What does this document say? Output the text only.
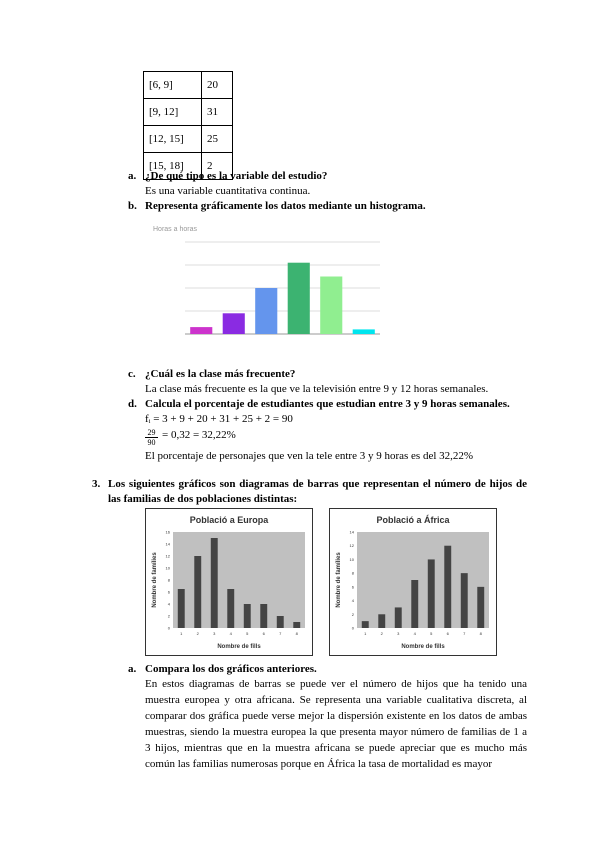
[6, 9]	20
[9, 12]	31
[12, 15]	25
[15, 18]	2
a. ¿De qué tipo es la variable del estudio?
Es una variable cuantitativa continua.
b. Representa gráficamente los datos mediante un histograma.
Horas a horas
c. ¿Cuál es la clase más frecuente?
La clase más frecuente es la que ve la televisión entre 9 y 12 horas semanales.
d. Calcula el porcentaje de estudiantes que estudian entre 3 y 9 horas semanales.
fᵢ = 3 + 9 + 20 + 31 + 25 + 2 = 90
$\frac{29}{90} = 0,32 = 32,22\%$
El porcentaje de personajes que ven la tele entre 3 y 9 horas es del 32,22%
3. Los siguientes gráficos son diagramas de barras que representan el número de hijos de
las familias de dos poblaciones distintas:
Població a Europa
0
2
4
6
8
10
12
14
16
1	2	3	4	5	6	7	8
Nombre de fills
Nombre de famílies
Població a África
0
2
4
6
8
10
12
14
1	2	3	4	5	6	7	8
Nombre de fills
Nombre de famílies
a. Compara los dos gráficos anteriores.
En estos diagramas de barras se puede ver el número de hijos que ha tenido una
muestra europea y otra africana. Se representa una variable cualitativa discreta, al
comparar dos gráfica puede verse mejor la dispersión existente en los datos de ambas
muestras, siendo la muestra europea la que presenta mayor número de familias de 1 a
3 hijos, mientras que en la muestra africana se puede apreciar que es mucho más
común las familias numerosas porque en África la tasa de mortalidad es mayor
